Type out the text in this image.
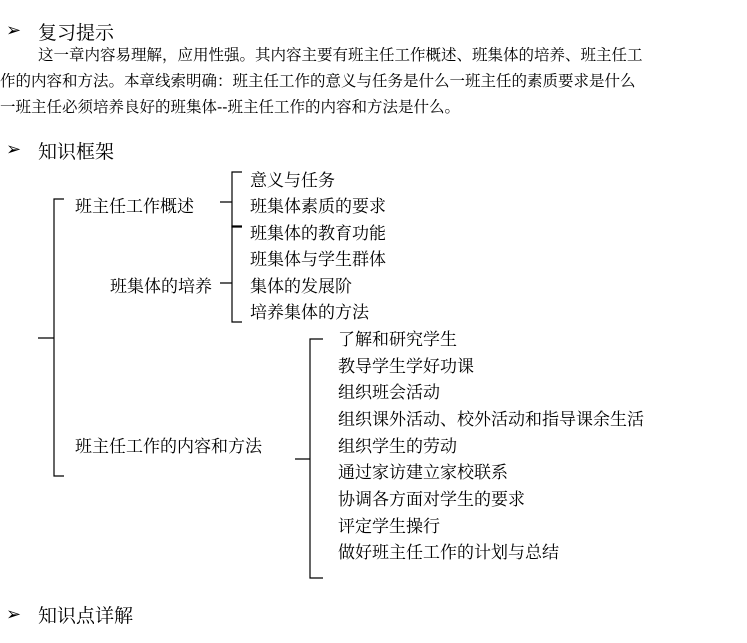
➢ 复习提示
这一章内容易理解，应用性强。其内容主要有班主任工作概述、班集体的培养、班主任工
作的内容和方法。本章线索明确：班主任工作的意义与任务是什么一班主任的素质要求是什么
一班主任必须培养良好的班集体--班主任工作的内容和方法是什么。
➢ 知识框架
班主任工作概述
意义与任务
班集体素质的要求
班集体的培养
班集体的教育功能
班集体与学生群体
集体的发展阶
培养集体的方法
班主任工作的内容和方法
了解和研究学生
教导学生学好功课
组织班会活动
组织课外活动、校外活动和指导课余生活
组织学生的劳动
通过家访建立家校联系
协调各方面对学生的要求
评定学生操行
做好班主任工作的计划与总结
➢ 知识点详解
